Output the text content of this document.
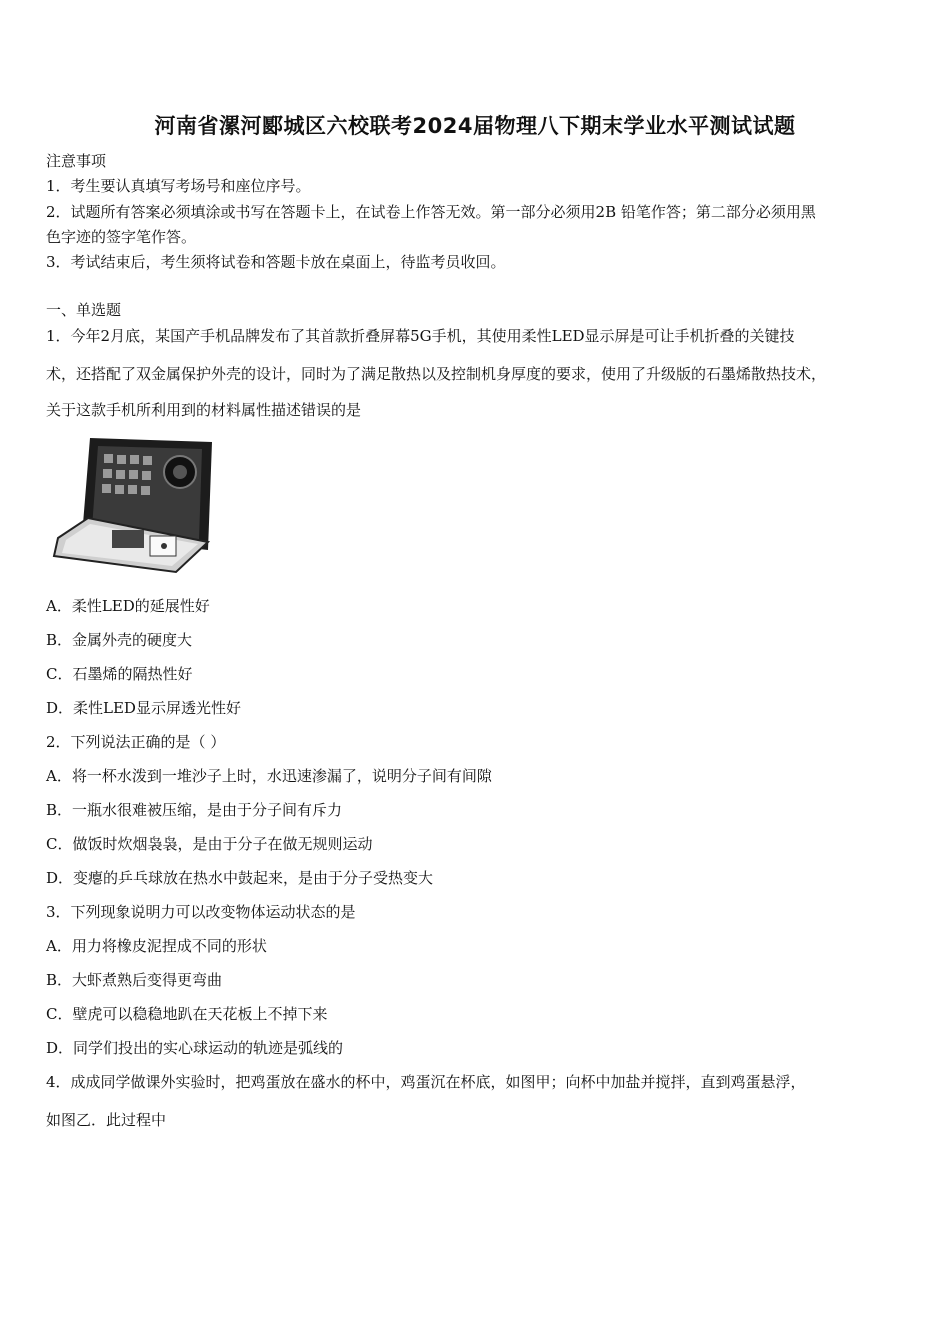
河南省漯河郾城区六校联考2024届物理八下期末学业水平测试试题
注意事项
1．考生要认真填写考场号和座位序号。
2．试题所有答案必须填涂或书写在答题卡上，在试卷上作答无效。第一部分必须用2B 铅笔作答；第二部分必须用黑
色字迹的签字笔作答。
3．考试结束后，考生须将试卷和答题卡放在桌面上，待监考员收回。
一、单选题
1．今年2月底，某国产手机品牌发布了其首款折叠屏幕5G手机，其使用柔性LED显示屏是可让手机折叠的关键技
术，还搭配了双金属保护外壳的设计，同时为了满足散热以及控制机身厚度的要求，使用了升级版的石墨烯散热技术，
关于这款手机所利用到的材料属性描述错误的是
A．柔性LED的延展性好
B．金属外壳的硬度大
C．石墨烯的隔热性好
D．柔性LED显示屏透光性好
2．下列说法正确的是（ ）
A．将一杯水泼到一堆沙子上时，水迅速渗漏了，说明分子间有间隙
B．一瓶水很难被压缩，是由于分子间有斥力
C．做饭时炊烟袅袅，是由于分子在做无规则运动
D．变瘪的乒乓球放在热水中鼓起来，是由于分子受热变大
3．下列现象说明力可以改变物体运动状态的是
A．用力将橡皮泥捏成不同的形状
B．大虾煮熟后变得更弯曲
C．壁虎可以稳稳地趴在天花板上不掉下来
D．同学们投出的实心球运动的轨迹是弧线的
4．成成同学做课外实验时，把鸡蛋放在盛水的杯中，鸡蛋沉在杯底，如图甲；向杯中加盐并搅拌，直到鸡蛋悬浮，
如图乙．此过程中
